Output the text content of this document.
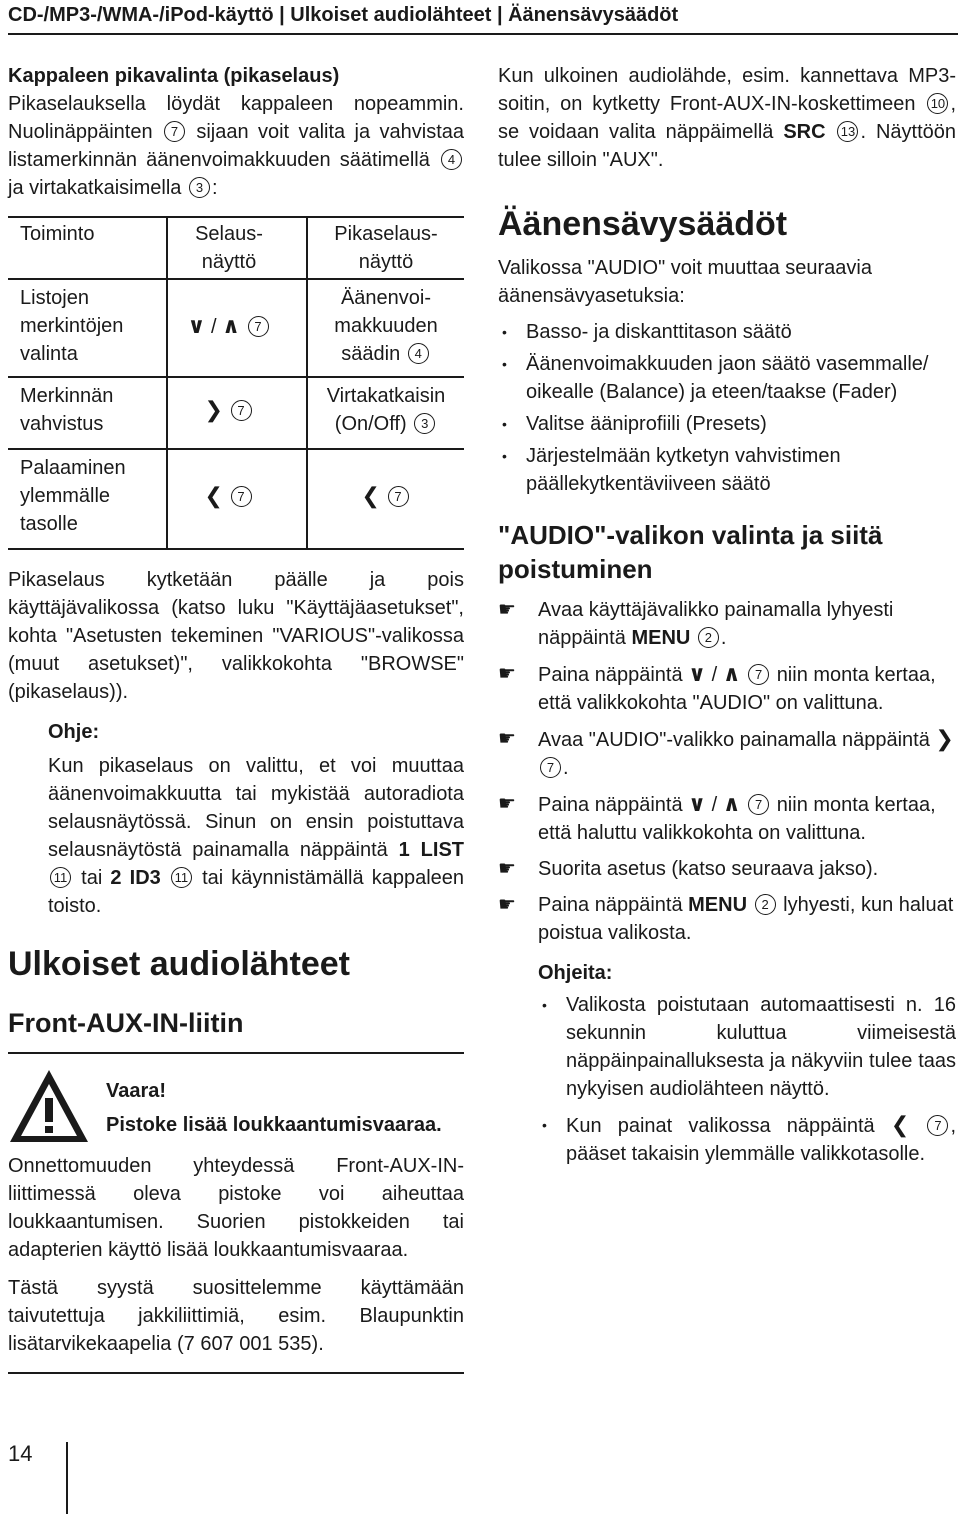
CD-/MP3-/WMA-/iPod-käyttö | Ulkoiset audiolähteet | Äänensävysäädöt

Kappaleen pikavalinta (pikaselaus)

Pikaselauksella löydät kappaleen nopeammin. Nuolinäppäinten 7 sijaan voit valita ja vahvistaa listamerkinnän äänenvoimakkuuden säätimellä 4 ja virtakatkaisimella 3 :

Toiminto	Selaus-
näyttö
Pikaselaus-
näyttö
Listojen
merkintöjen
valinta
∨ / ∧ 7
Äänenvoi-
makkuuden
säädin 4
Merkinnän
vahvistus
❯ 7
Virtakatkaisin
(On/Off) 3
Palaaminen
ylemmälle
tasolle
❮ 7	❮ 7

Pikaselaus kytketään päälle ja pois käyttäjävalikossa (katso luku "Käyttäjäasetukset", kohta "Asetusten tekeminen "VARIOUS"-valikossa (muut asetukset)", valikkokohta "BROWSE" (pikaselaus)).

Ohje:

Kun pikaselaus on valittu, et voi muuttaa äänenvoimakkuutta tai mykistää autoradiota selausnäytössä. Sinun on ensin poistuttava selausnäytöstä painamalla näppäintä 1 LIST 11 tai 2 ID3 11 tai käynnistämällä kappaleen toisto.

Ulkoiset audiolähteet

Front-AUX-IN-liitin

Vaara!
Pistoke lisää loukkaantumisvaaraa.

Onnettomuuden yhteydessä Front-AUX-IN-liittimessä oleva pistoke voi aiheuttaa loukkaantumisen. Suorien pistokkeiden tai adapterien käyttö lisää loukkaantumisvaaraa.

Tästä syystä suosittelemme käyttämään taivutettuja jakkiliittimiä, esim. Blaupunktin lisätarvikekaapelia (7 607 001 535).

Kun ulkoinen audiolähde, esim. kannettava MP3-soitin, on kytketty Front-AUX-IN-koskettimeen 10 , se voidaan valita näppäimellä SRC 13 . Näyttöön tulee silloin "AUX".

Äänensävysäädöt

Valikossa "AUDIO" voit muuttaa seuraavia äänensävyasetuksia:

• Basso- ja diskanttitason säätö
• Äänenvoimakkuuden jaon säätö vasemmalle/ oikealle (Balance) ja eteen/taakse (Fader)
• Valitse ääniprofiili (Presets)
• Järjestelmään kytketyn vahvistimen päällekytkentäviiveen säätö

"AUDIO"-valikon valinta ja siitä poistuminen

☛ Avaa käyttäjävalikko painamalla lyhyesti näppäintä MENU 2 .
☛ Paina näppäintä ∨ / ∧ 7 niin monta kertaa, että valikkokohta "AUDIO" on valittuna.
☛ Avaa "AUDIO"-valikko painamalla näppäintä ❯ 7 .
☛ Paina näppäintä ∨ / ∧ 7 niin monta kertaa, että haluttu valikkokohta on valittuna.
☛ Suorita asetus (katso seuraava jakso).
☛ Paina näppäintä MENU 2 lyhyesti, kun haluat poistua valikosta.

Ohjeita:

• Valikosta poistutaan automaattisesti n. 16 sekunnin kuluttua viimeisestä näppäinpainalluksesta ja näkyviin tulee taas nykyisen audiolähteen näyttö.
• Kun painat valikossa näppäintä ❮ 7 , pääset takaisin ylemmälle valikkotasolle.
14
